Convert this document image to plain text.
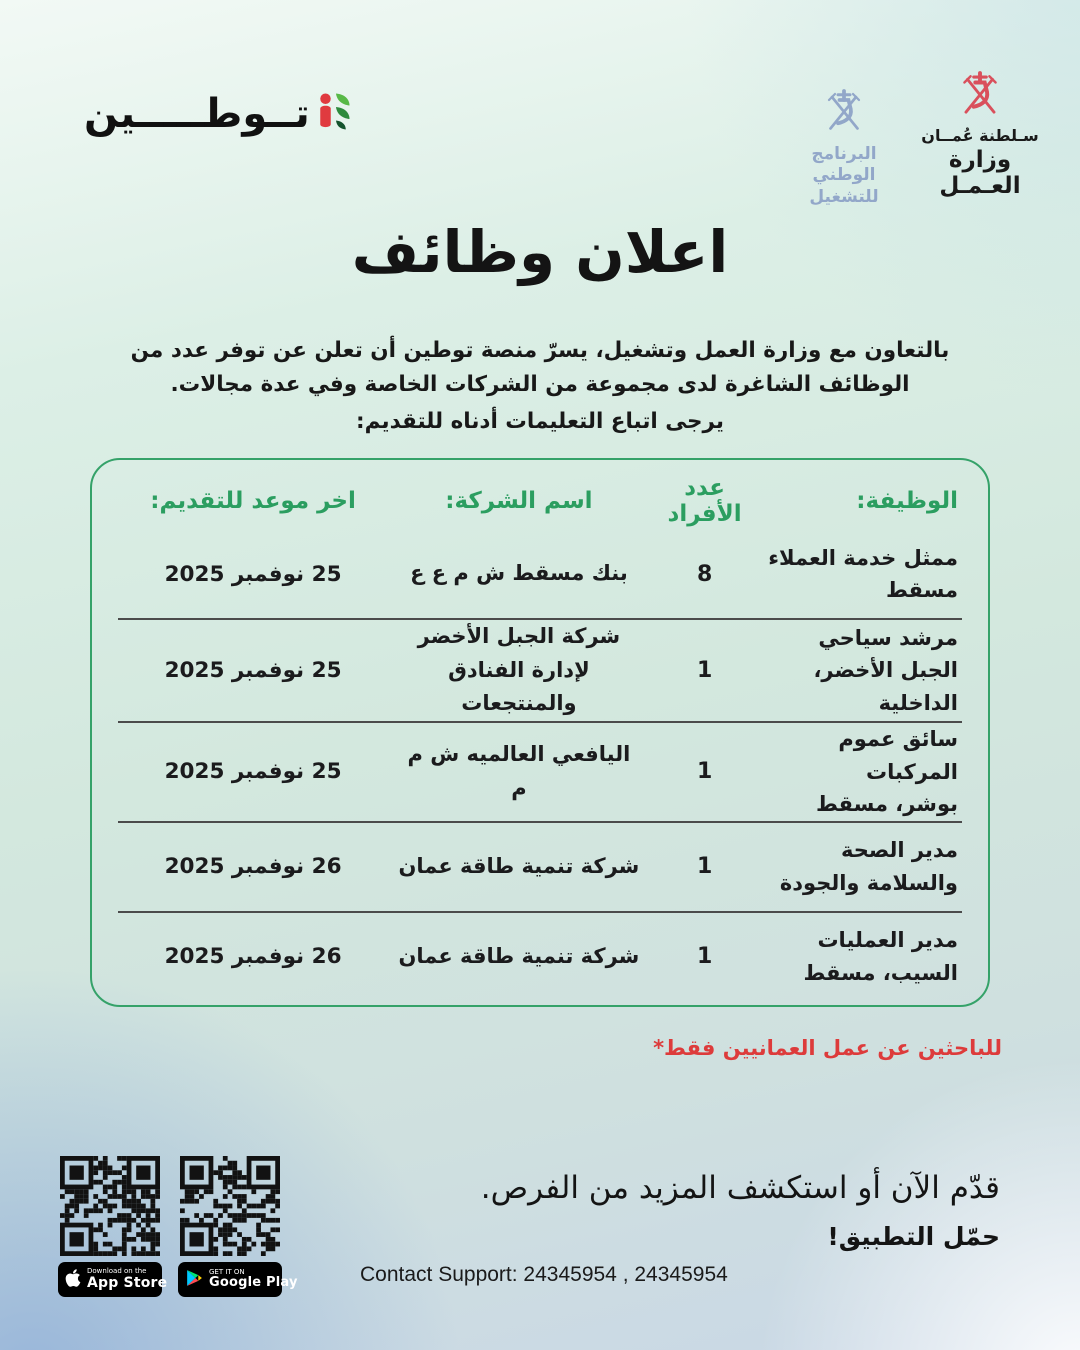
تــوطـــــين
البرنامج الوطني
للتشغيل
سـلطنة عُمــان
وزارة العـمـل
اعلان وظائف
بالتعاون مع وزارة العمل وتشغيل، يسرّ منصة توطين أن تعلن عن توفر عدد من الوظائف الشاغرة لدى مجموعة من الشركات الخاصة وفي عدة مجالات.
يرجى اتباع التعليمات أدناه للتقديم:
الوظيفة:
عدد الأفراد
اسم الشركة:
اخر موعد للتقديم:
ممثل خدمة العملاء
مسقط
8
بنك مسقط ش م ع ع
25 نوفمبر 2025
مرشد سياحي
الجبل الأخضر، الداخلية
1
شركة الجبل الأخضر لإدارة الفنادق والمنتجعات
25 نوفمبر 2025
سائق عموم المركبات
بوشر، مسقط
1
اليافعي العالميه ش م م
25 نوفمبر 2025
مدير الصحة والسلامة والجودة
1
شركة تنمية طاقة عمان
26 نوفمبر 2025
مدير العمليات
السيب، مسقط
1
شركة تنمية طاقة عمان
26 نوفمبر 2025
للباحثين عن عمل العمانيين فقط*
قدّم الآن أو استكشف المزيد من الفرص.
حمّل التطبيق!
Download on the
App Store
GET IT ON
Google Play	Contact Support: 24345954 , 24345954
